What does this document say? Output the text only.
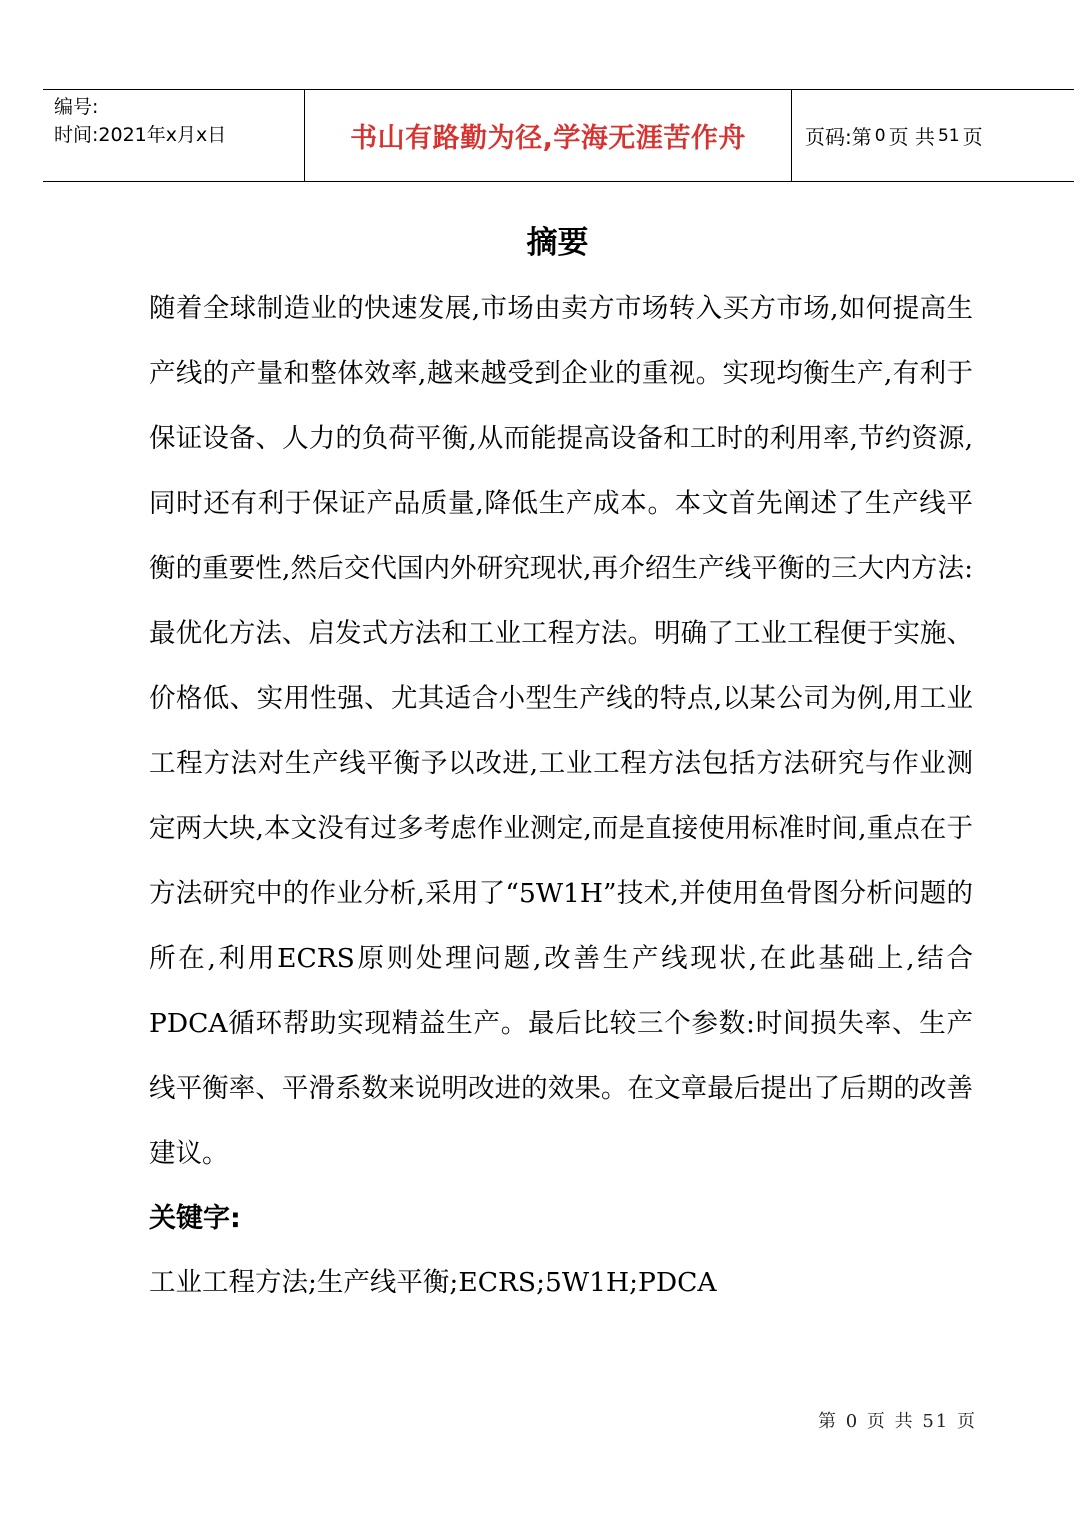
编号:
时间:2021年x月x日	书山有路勤为径,学海无涯苦作舟	页码:第 0 页 共 51 页
摘要

随着全球制造业的快速发展,市场由卖方市场转入买方市场,如何提高生产线的产量和整体效率,越来越受到企业的重视。实现均衡生产,有利于保证设备、人力的负荷平衡,从而能提高设备和工时的利用率,节约资源,同时还有利于保证产品质量,降低生产成本。本文首先阐述了生产线平衡的重要性,然后交代国内外研究现状,再介绍生产线平衡的三大内方法:最优化方法、启发式方法和工业工程方法。明确了工业工程便于实施、价格低、实用性强、尤其适合小型生产线的特点,以某公司为例,用工业工程方法对生产线平衡予以改进,工业工程方法包括方法研究与作业测定两大块,本文没有过多考虑作业测定,而是直接使用标准时间,重点在于方法研究中的作业分析,采用了“5W1H”技术,并使用鱼骨图分析问题的所在,利用ECRS原则处理问题,改善生产线现状,在此基础上,结合PDCA循环帮助实现精益生产。最后比较三个参数:时间损失率、生产线平衡率、平滑系数来说明改进的效果。在文章最后提出了后期的改善建议。

关键字:
工业工程方法;生产线平衡;ECRS;5W1H;PDCA
第 0 页 共 51 页
